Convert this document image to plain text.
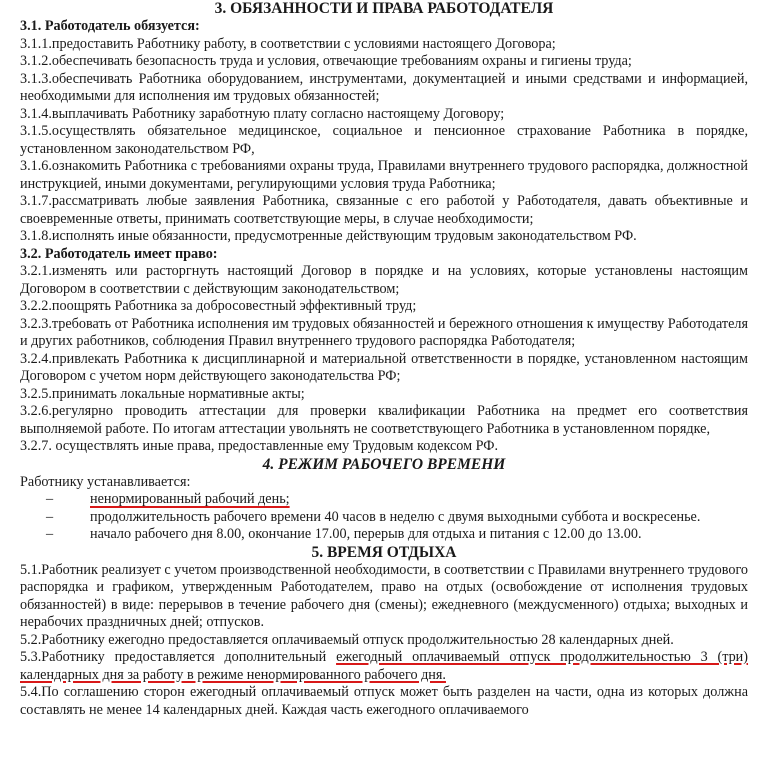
3. ОБЯЗАННОСТИ И ПРАВА РАБОТОДАТЕЛЯ
3.1. Работодатель обязуется:

3.1.1.предоставить Работнику работу, в соответствии с условиями настоящего Договора;

3.1.2.обеспечивать безопасность труда и условия, отвечающие требованиям охраны и гигиены труда;

3.1.3.обеспечивать Работника оборудованием, инструментами, документацией и иными средствами и информацией, необходимыми для исполнения им трудовых обязанностей;

3.1.4.выплачивать Работнику заработную плату согласно настоящему Договору;

3.1.5.осуществлять обязательное медицинское, социальное и пенсионное страхование Работника в порядке, установленном законодательством РФ,

3.1.6.ознакомить Работника с требованиями охраны труда, Правилами внутреннего трудового распорядка, должностной инструкцией, иными документами, регулирующими условия труда Работника;

3.1.7.рассматривать любые заявления Работника, связанные с его работой у Работодателя, давать объективные и своевременные ответы, принимать соответствующие меры, в случае необходимости;

3.1.8.исполнять иные обязанности, предусмотренные действующим трудовым законодательством РФ.

3.2. Работодатель имеет право:

3.2.1.изменять или расторгнуть настоящий Договор в порядке и на условиях, которые установлены настоящим Договором в соответствии с действующим законодательством;

3.2.2.поощрять Работника за добросовестный эффективный труд;

3.2.3.требовать от Работника исполнения им трудовых обязанностей и бережного отношения к имуществу Работодателя и других работников, соблюдения Правил внутреннего трудового распорядка Работодателя;

3.2.4.привлекать Работника к дисциплинарной и материальной ответственности в порядке, установленном настоящим Договором с учетом норм действующего законодательства РФ;

3.2.5.принимать локальные нормативные акты;

3.2.6.регулярно проводить аттестации для проверки квалификации Работника на предмет его соответствия выполняемой работе. По итогам аттестации увольнять не соответствующего Работника в установленном порядке,

3.2.7. осуществлять иные права, предоставленные ему Трудовым кодексом РФ.

4. РЕЖИМ РАБОЧЕГО ВРЕМЕНИ

Работнику устанавливается:

–	ненормированный рабочий день;
–	продолжительность рабочего времени 40 часов в неделю с двумя выходными субботa и воскресенье.
–	начало рабочего дня 8.00, окончание 17.00, перерыв для отдыха и питания с 12.00 до 13.00.
5. ВРЕМЯ ОТДЫХА

5.1.Работник реализует с учетом производственной необходимости, в соответствии с Правилами внутреннего трудового распорядка и графиком, утвержденным Работодателем, право на отдых (освобождение от исполнения трудовых обязанностей) в виде: перерывов в течение рабочего дня (смены); ежедневного (междусменного) отдыха; выходных и нерабочих праздничных дней; отпусков.

5.2.Работнику ежегодно предоставляется оплачиваемый отпуск продолжительностью 28 календарных дней.

5.3.Работнику предоставляется дополнительный ежегодный оплачиваемый отпуск продолжительностью 3 (три) календарных дня за работу в режиме ненормированного рабочего дня.

5.4.По соглашению сторон ежегодный оплачиваемый отпуск может быть разделен на части, одна из которых должна составлять не менее 14 календарных дней. Каждая часть ежегодного оплачиваемого
